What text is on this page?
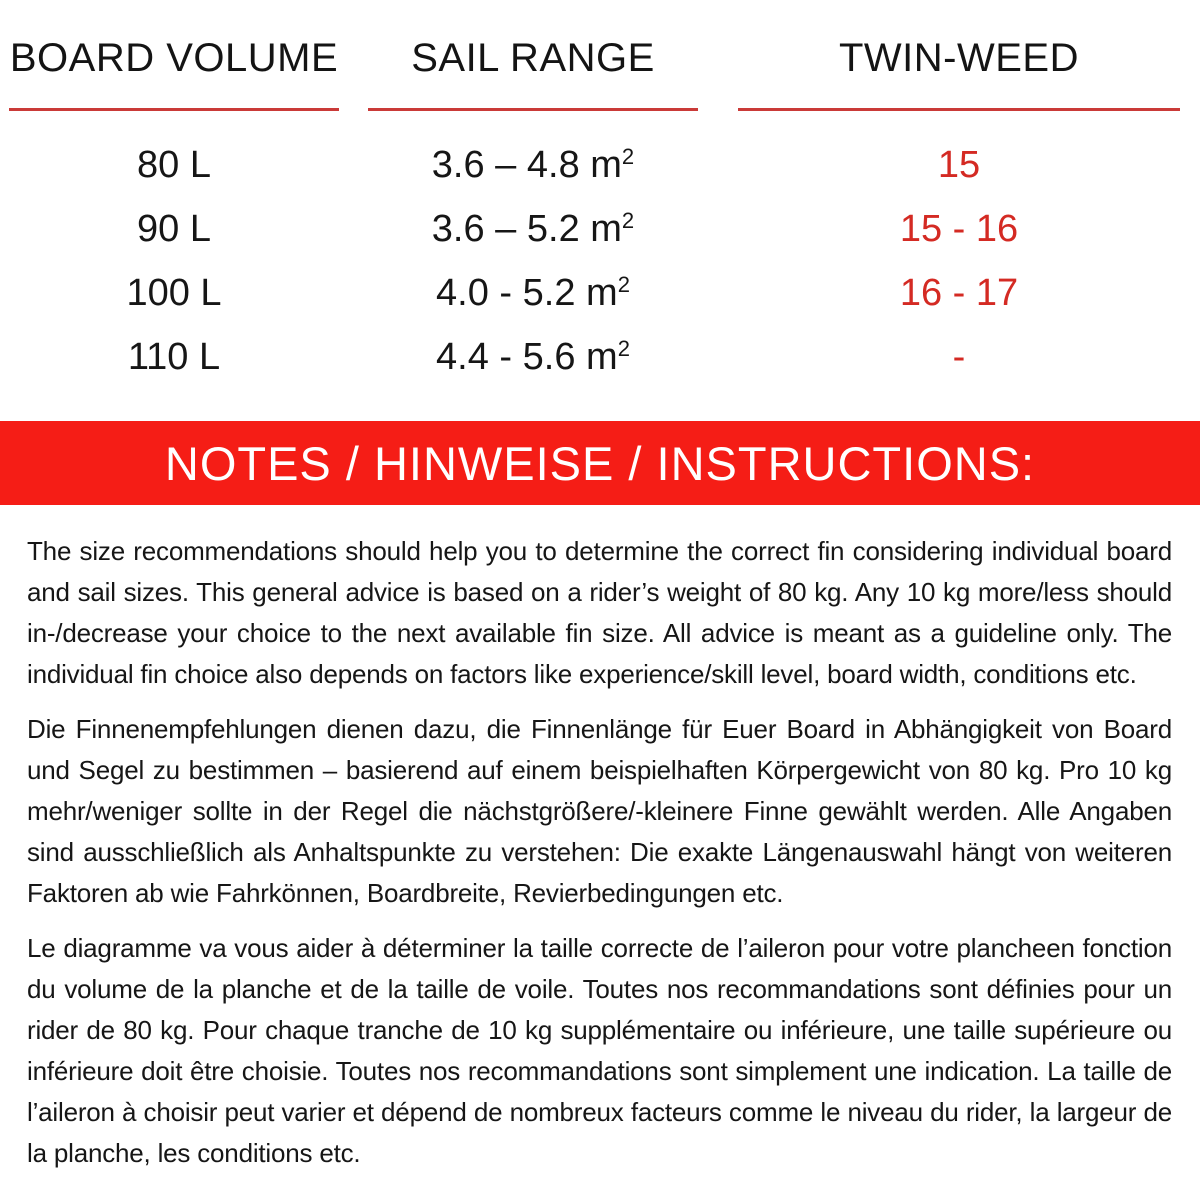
BOARD VOLUME	SAIL RANGE	TWIN-WEED
80 L	3.6 – 4.8 $m^2$	15
90 L	3.6 – 5.2 $m^2$	15 - 16
100 L	4.0 - 5.2 $m^2$	16 - 17
110 L	4.4 - 5.6 $m^2$	-
NOTES / HINWEISE / INSTRUCTIONS:

The size recommendations should help you to determine the correct fin considering individual board and sail sizes. This general advice is based on a rider’s weight of 80 kg. Any 10 kg more/less should in-/decrease your choice to the next available fin size. All advice is meant as a guideline only. The individual fin choice also depends on factors like experience/skill level, board width, conditions etc.

Die Finnenempfehlungen dienen dazu, die Finnenlänge für Euer Board in Abhängigkeit von Board und Segel zu bestimmen – basierend auf einem beispielhaften Körpergewicht von 80 kg. Pro 10 kg mehr/weniger sollte in der Regel die nächstgrößere/-kleinere Finne gewählt werden. Alle Angaben sind ausschließlich als Anhaltspunkte zu verstehen: Die exakte Längenauswahl hängt von weiteren Faktoren ab wie Fahrkönnen, Boardbreite, Revierbedingungen etc.

Le diagramme va vous aider à déterminer la taille correcte de l’aileron pour votre plancheen fonction du volume de la planche et de la taille de voile. Toutes nos recommandations sont définies pour un rider de 80 kg. Pour chaque tranche de 10 kg supplémentaire ou inférieure, une taille supérieure ou inférieure doit être choisie. Toutes nos recommandations sont simplement une indication. La taille de l’aileron à choisir peut varier et dépend de nombreux facteurs comme le niveau du rider, la largeur de la planche, les conditions etc.
